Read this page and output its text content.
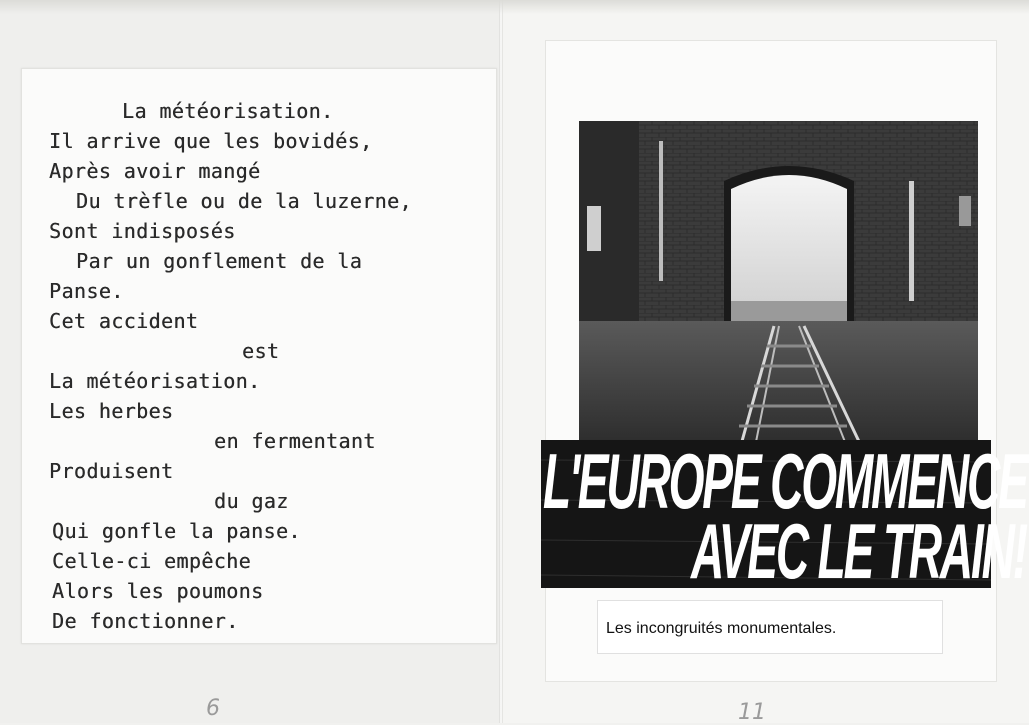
La météorisation.
Il arrive que les bovidés,
Après avoir mangé
Du trèfle ou de la luzerne,
Sont indisposés
Par un gonflement de la
Panse.
Cet accident
est
La météorisation.
Les herbes
en fermentant
Produisent
du gaz
Qui gonfle la panse.
Celle-ci empêche
Alors les poumons
De fonctionner.
L'EUROPE COMMENCE
AVEC LE TRAIN!
Les incongruités monumentales.
6	11
